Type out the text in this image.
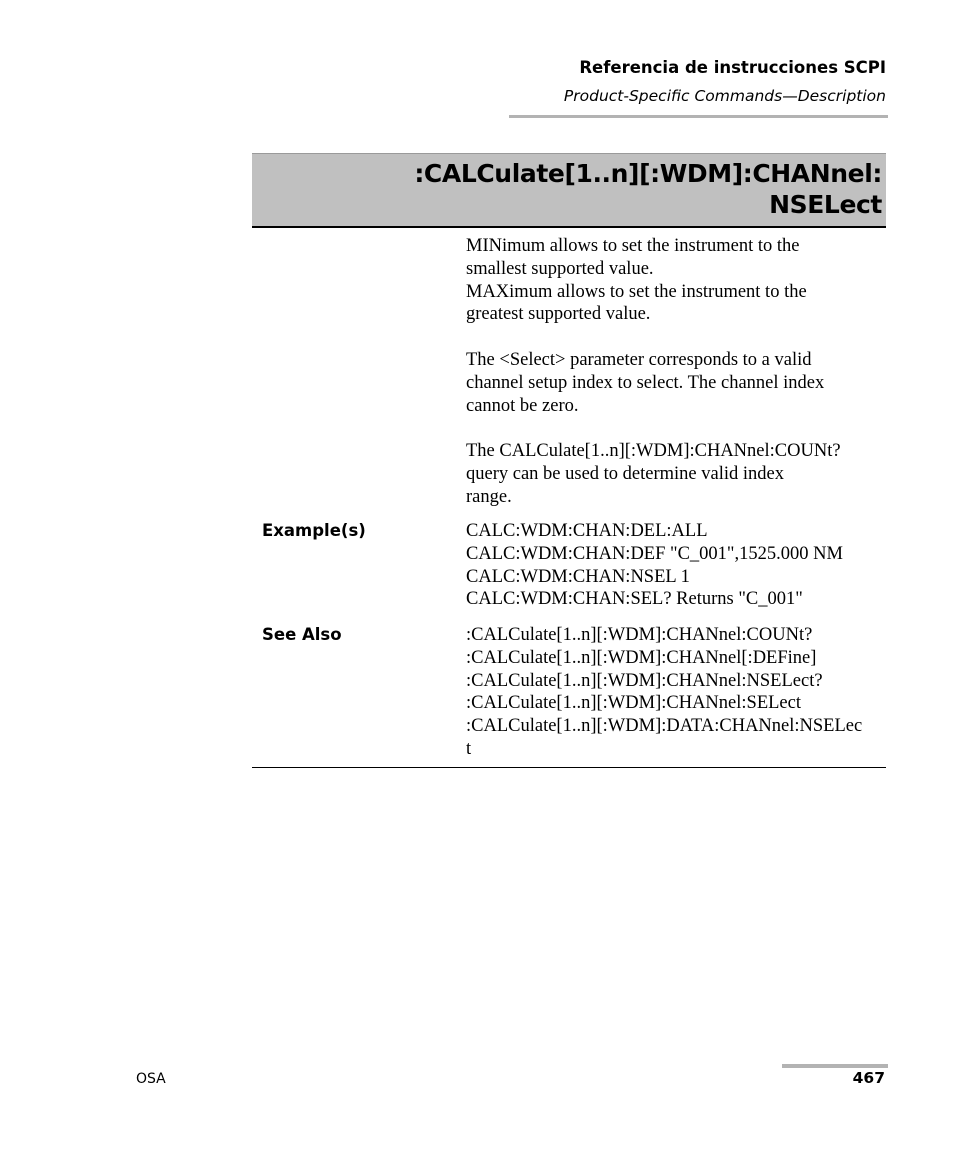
Referencia de instrucciones SCPI
Product-Specific Commands—Description
:CALCulate[1..n][:WDM]:CHANnel:
NSELect
MINimum allows to set the instrument to the
smallest supported value.
MAXimum allows to set the instrument to the
greatest supported value.

The <Select> parameter corresponds to a valid
channel setup index to select. The channel index
cannot be zero.

The CALCulate[1..n][:WDM]:CHANnel:COUNt?
query can be used to determine valid index
range.
Example(s)	CALC:WDM:CHAN:DEL:ALL
CALC:WDM:CHAN:DEF "C_001",1525.000 NM
CALC:WDM:CHAN:NSEL 1
CALC:WDM:CHAN:SEL? Returns "C_001"
See Also	:CALCulate[1..n][:WDM]:CHANnel:COUNt?
:CALCulate[1..n][:WDM]:CHANnel[:DEFine]
:CALCulate[1..n][:WDM]:CHANnel:NSELect?
:CALCulate[1..n][:WDM]:CHANnel:SELect
:CALCulate[1..n][:WDM]:DATA:CHANnel:NSELec
t
OSA	467
